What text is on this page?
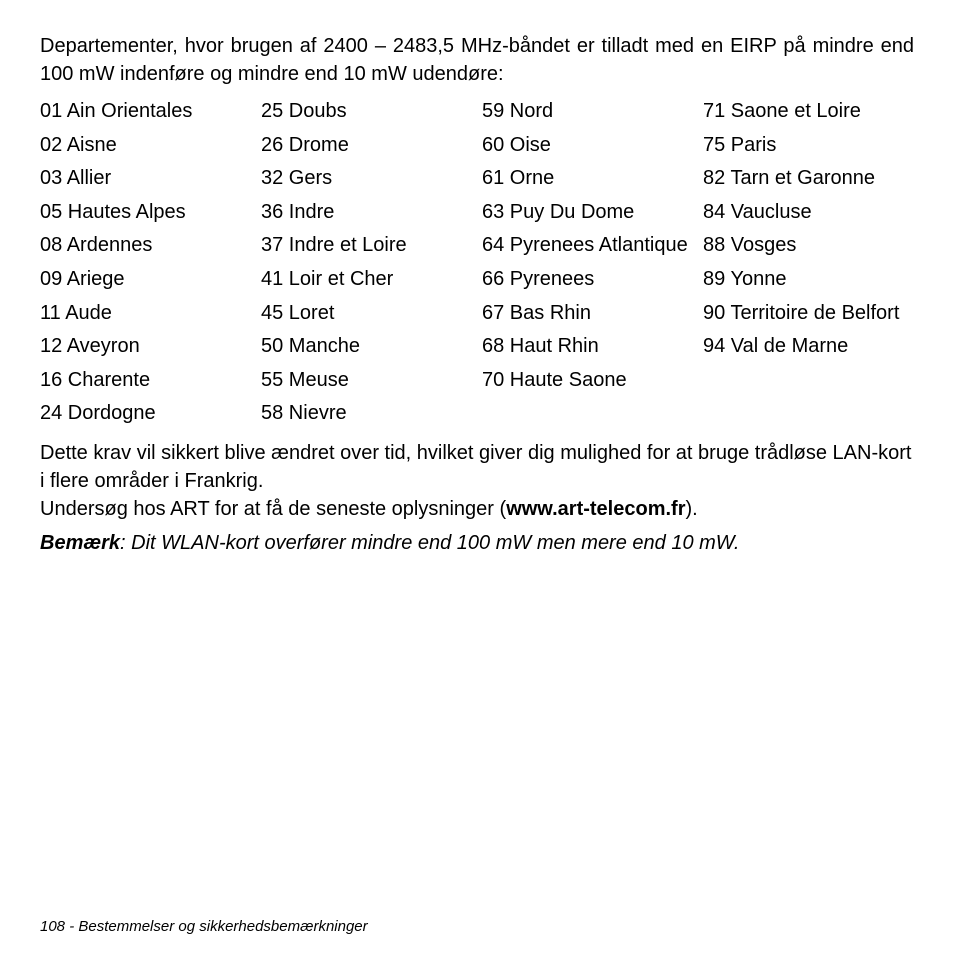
Departementer, hvor brugen af 2400 – 2483,5 MHz-båndet er tilladt med en EIRP på mindre end 100 mW indenføre og mindre end 10 mW udendøre:

01 Ain Orientales
02 Aisne
03 Allier
05 Hautes Alpes
08 Ardennes
09 Ariege
11 Aude
12 Aveyron
16 Charente
24 Dordogne
25 Doubs
26 Drome
32 Gers
36 Indre
37 Indre et Loire
41 Loir et Cher
45 Loret
50 Manche
55 Meuse
58 Nievre
59 Nord
60 Oise
61 Orne
63 Puy Du Dome
64 Pyrenees Atlantique
66 Pyrenees
67 Bas Rhin
68 Haut Rhin
70 Haute Saone
71 Saone et Loire
75 Paris
82 Tarn et Garonne
84 Vaucluse
88 Vosges
89 Yonne
90 Territoire de Belfort
94 Val de Marne

Dette krav vil sikkert blive ændret over tid, hvilket giver dig mulighed for at bruge trådløse LAN-kort i flere områder i Frankrig.

Undersøg hos ART for at få de seneste oplysninger (www.art-telecom.fr).

Bemærk: Dit WLAN-kort overfører mindre end 100 mW men mere end 10 mW.

108 - Bestemmelser og sikkerhedsbemærkninger
